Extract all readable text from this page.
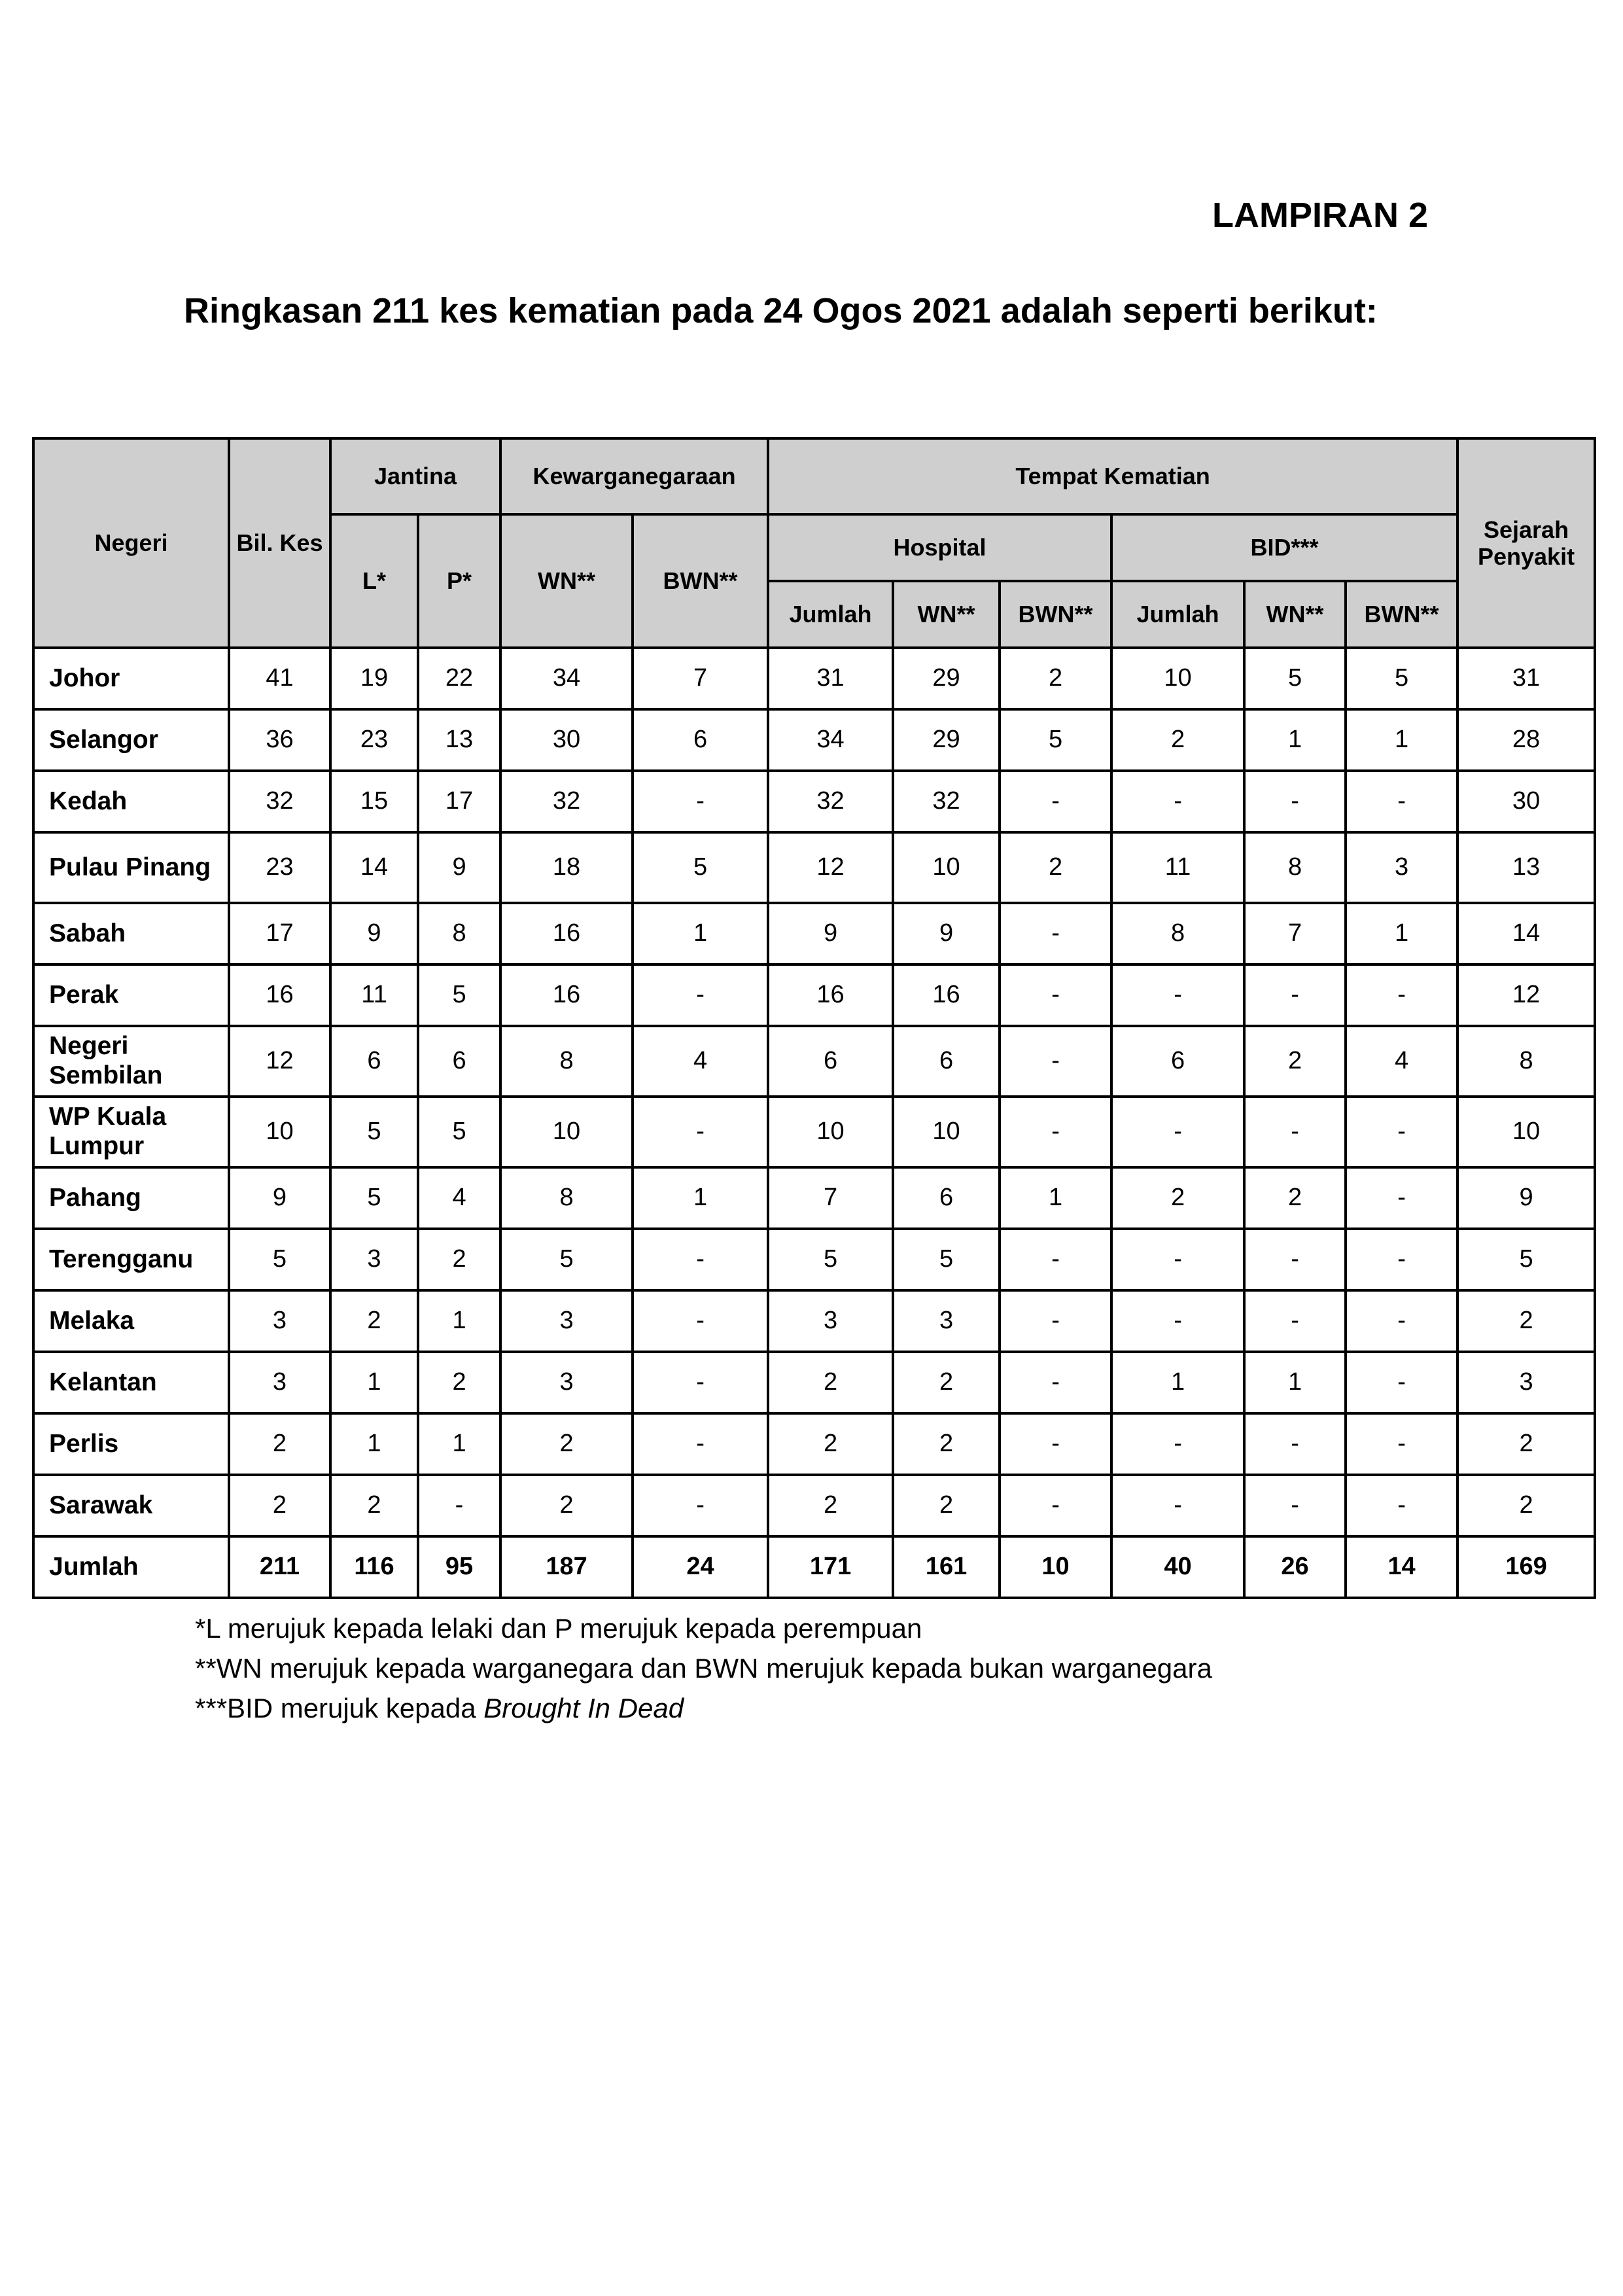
LAMPIRAN 2

Ringkasan 211 kes kematian pada 24 Ogos 2021 adalah seperti berikut:

Negeri	Bil. Kes	Jantina		Kewarganegaraan		Tempat Kematian						Sejarah Penyakit
		L*	P*	WN**	BWN**	Hospital			BID***			
						Jumlah	WN**	BWN**	Jumlah	WN**	BWN**	
Johor	41	19	22	34	7	31	29	2	10	5	5	31
Selangor	36	23	13	30	6	34	29	5	2	1	1	28
Kedah	32	15	17	32	-	32	32	-	-	-	-	30
Pulau Pinang	23	14	9	18	5	12	10	2	11	8	3	13
Sabah	17	9	8	16	1	9	9	-	8	7	1	14
Perak	16	11	5	16	-	16	16	-	-	-	-	12
Negeri Sembilan	12	6	6	8	4	6	6	-	6	2	4	8
WP Kuala Lumpur	10	5	5	10	-	10	10	-	-	-	-	10
Pahang	9	5	4	8	1	7	6	1	2	2	-	9
Terengganu	5	3	2	5	-	5	5	-	-	-	-	5
Melaka	3	2	1	3	-	3	3	-	-	-	-	2
Kelantan	3	1	2	3	-	2	2	-	1	1	-	3
Perlis	2	1	1	2	-	2	2	-	-	-	-	2
Sarawak	2	2	-	2	-	2	2	-	-	-	-	2
Jumlah	211	116	95	187	24	171	161	10	40	26	14	169

*L merujuk kepada lelaki dan P merujuk kepada perempuan

**WN merujuk kepada warganegara dan BWN merujuk kepada bukan warganegara

***BID merujuk kepada Brought In Dead
